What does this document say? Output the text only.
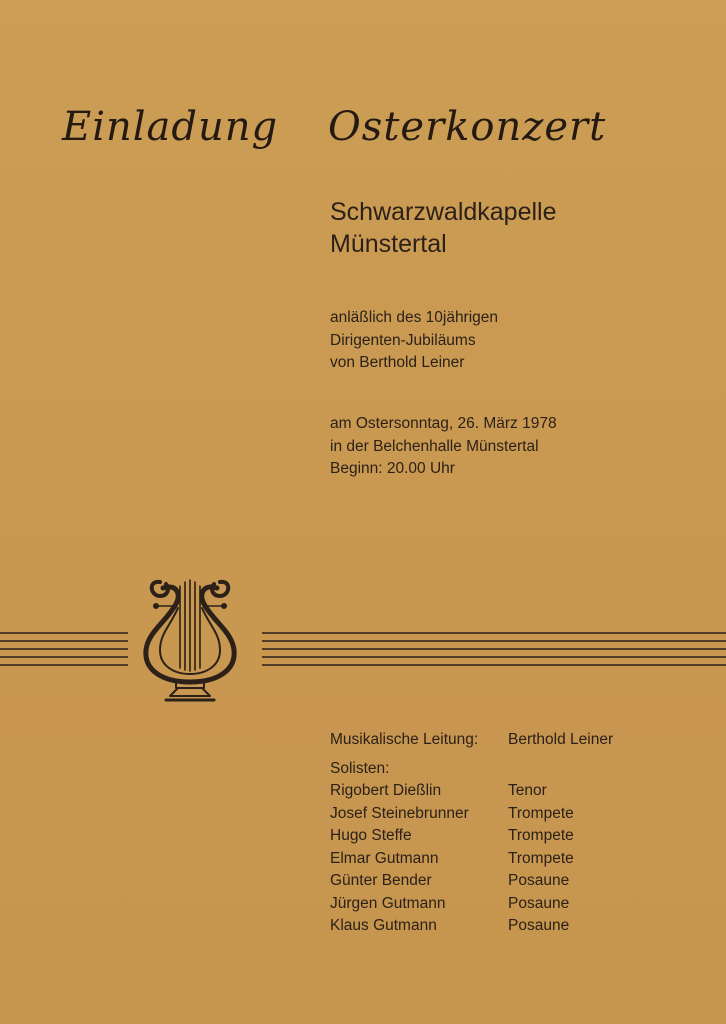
Einladung Osterkonzert
Schwarzwaldkapelle
Münstertal
anläßlich des 10jährigen
Dirigenten-Jubiläums
von Berthold Leiner
am Ostersonntag, 26. März 1978
in der Belchenhalle Münstertal
Beginn: 20.00 Uhr
Musikalische Leitung:	Berthold Leiner
Solisten:
Rigobert Dießlin	Tenor
Josef Steinebrunner	Trompete
Hugo Steffe	Trompete
Elmar Gutmann	Trompete
Günter Bender	Posaune
Jürgen Gutmann	Posaune
Klaus Gutmann	Posaune
